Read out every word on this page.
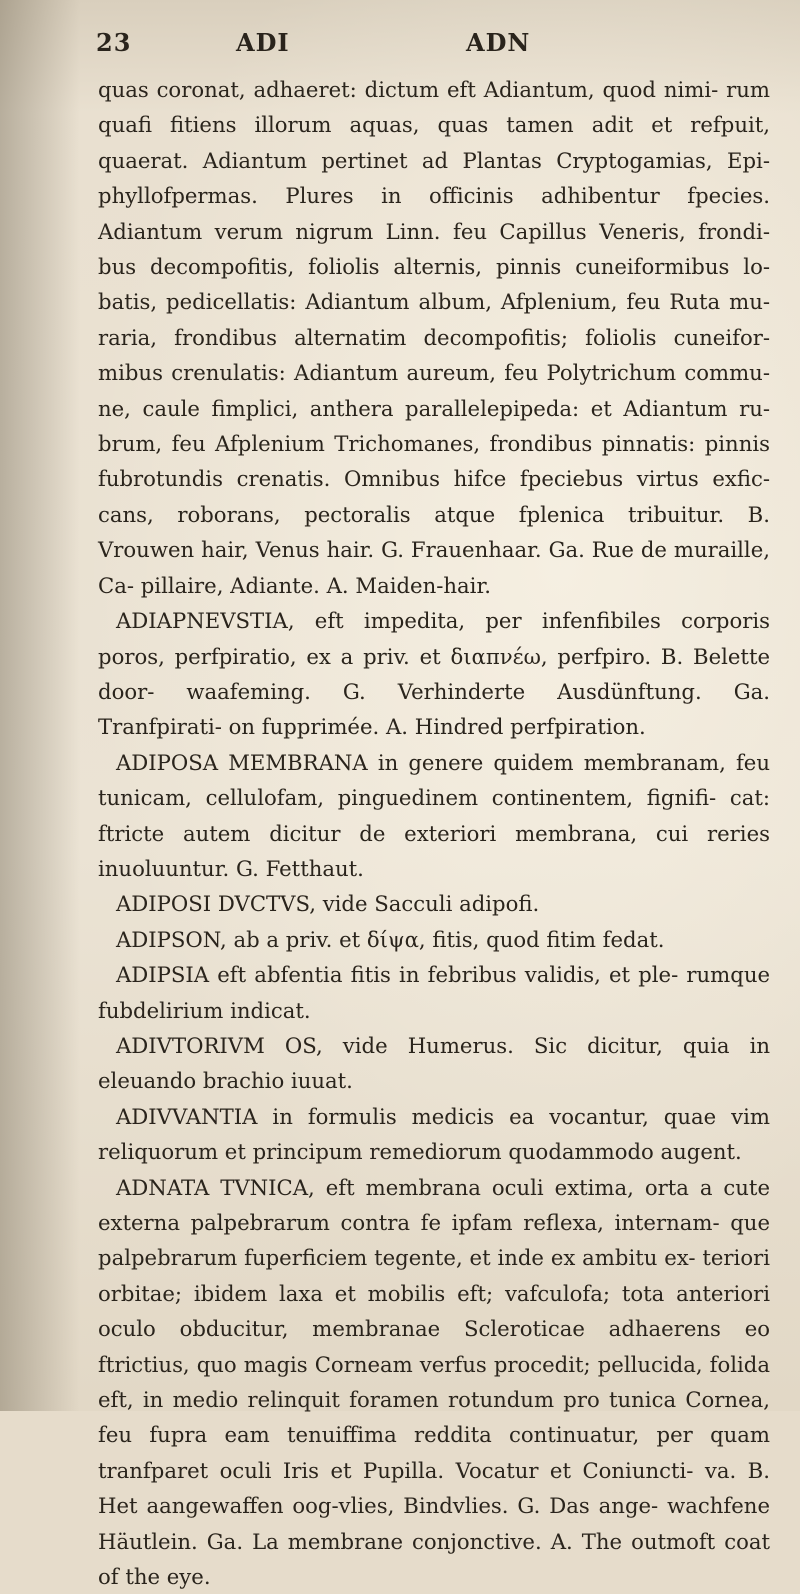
23	ADI	ADN

quas coronat, adhaeret: dictum eft Adiantum, quod nimi- rum quafi fitiens illorum aquas, quas tamen adit et refpuit, quaerat. Adiantum pertinet ad Plantas Cryptogamias, Epi- phyllofpermas. Plures in officinis adhibentur fpecies. Adiantum verum nigrum Linn. feu Capillus Veneris, frondi- bus decompofitis, foliolis alternis, pinnis cuneiformibus lo- batis, pedicellatis: Adiantum album, Afplenium, feu Ruta mu- raria, frondibus alternatim decompofitis; foliolis cuneifor- mibus crenulatis: Adiantum aureum, feu Polytrichum commu- ne, caule fimplici, anthera parallelepipeda: et Adiantum ru- brum, feu Afplenium Trichomanes, frondibus pinnatis: pinnis fubrotundis crenatis. Omnibus hifce fpeciebus virtus exfic- cans, roborans, pectoralis atque fplenica tribuitur. B. Vrouwen hair, Venus hair. G. Frauenhaar. Ga. Rue de muraille, Ca- pillaire, Adiante. A. Maiden-hair.

ADIAPNEVSTIA, eft impedita, per infenfibiles corporis poros, perfpiratio, ex a priv. et διαπνέω, perfpiro. B. Belette door- waafeming. G. Verhinderte Ausdünftung. Ga. Tranfpirati- on fupprimée. A. Hindred perfpiration.

ADIPOSA MEMBRANA in genere quidem membranam, feu tunicam, cellulofam, pinguedinem continentem, fignifi- cat: ftricte autem dicitur de exteriori membrana, cui reries inuoluuntur. G. Fetthaut.

ADIPOSI DVCTVS, vide Sacculi adipofi.

ADIPSON, ab a priv. et δίψα, fitis, quod fitim fedat.

ADIPSIA eft abfentia fitis in febribus validis, et ple- rumque fubdelirium indicat.

ADIVTORIVM OS, vide Humerus. Sic dicitur, quia in eleuando brachio iuuat.

ADIVVANTIA in formulis medicis ea vocantur, quae vim reliquorum et principum remediorum quodammodo augent.

ADNATA TVNICA, eft membrana oculi extima, orta a cute externa palpebrarum contra fe ipfam reflexa, internam- que palpebrarum fuperficiem tegente, et inde ex ambitu ex- teriori orbitae; ibidem laxa et mobilis eft; vafculofa; tota anteriori oculo obducitur, membranae Scleroticae adhaerens eo ftrictius, quo magis Corneam verfus procedit; pellucida, folida eft, in medio relinquit foramen rotundum pro tunica Cornea, feu fupra eam tenuiffima reddita continuatur, per quam tranfparet oculi Iris et Pupilla. Vocatur et Coniuncti- va. B. Het aangewaffen oog-vlies, Bindvlies. G. Das ange- wachfene Häutlein. Ga. La membrane conjonctive. A. The outmoft coat of the eye.
